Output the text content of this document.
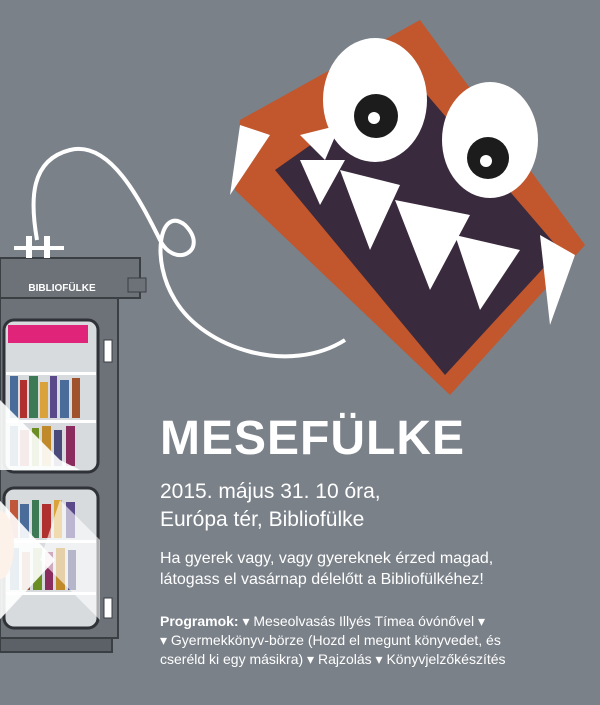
BIBLIOFÜLKE
MESEFÜLKE
2015. május 31. 10 óra,
Európa tér, Bibliofülke
Ha gyerek vagy, vagy gyereknek érzed magad,
látogass el vasárnap délelőtt a Bibliofülkéhez!
Programok: ▾ Meseolvasás Illyés Tímea óvónővel ▾
▾ Gyermekkönyv-börze (Hozd el megunt könyvedet, és
cseréld ki egy másikra) ▾ Rajzolás ▾ Könyvjelzőkészítés
